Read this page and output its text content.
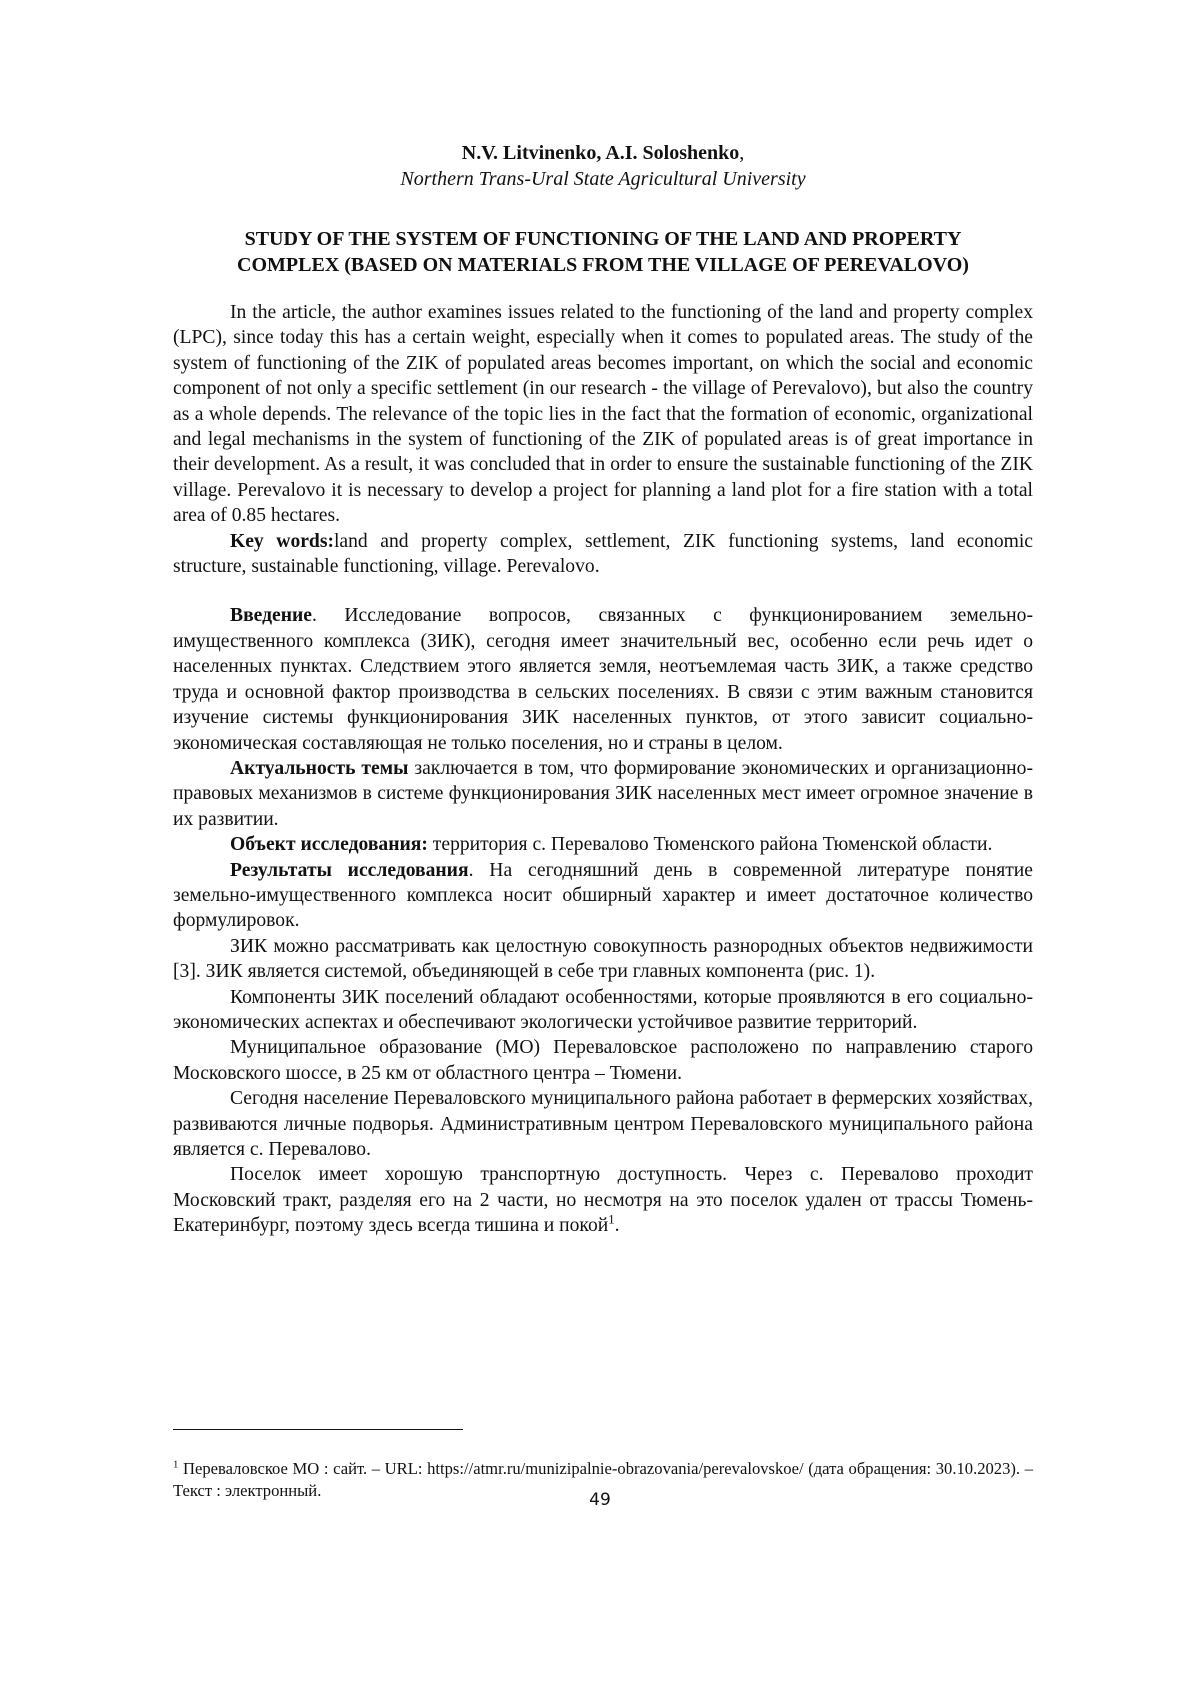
N.V. Litvinenko, A.I. Soloshenko,

Northern Trans-Ural State Agricultural University

STUDY OF THE SYSTEM OF FUNCTIONING OF THE LAND AND PROPERTY
COMPLEX (BASED ON MATERIALS FROM THE VILLAGE OF PEREVALOVO)

In the article, the author examines issues related to the functioning of the land and property complex (LPC), since today this has a certain weight, especially when it comes to populated areas. The study of the system of functioning of the ZIK of populated areas becomes important, on which the social and economic component of not only a specific settlement (in our research - the village of Perevalovo), but also the country as a whole depends. The relevance of the topic lies in the fact that the formation of economic, organizational and legal mechanisms in the system of functioning of the ZIK of populated areas is of great importance in their development. As a result, it was concluded that in order to ensure the sustainable functioning of the ZIK village. Perevalovo it is necessary to develop a project for planning a land plot for a fire station with a total area of 0.85 hectares.

Key words:land and property complex, settlement, ZIK functioning systems, land economic structure, sustainable functioning, village. Perevalovo.

Введение. Исследование вопросов, связанных с функционированием земельно-имущественного комплекса (ЗИК), сегодня имеет значительный вес, особенно если речь идет о населенных пунктах. Следствием этого является земля, неотъемлемая часть ЗИК, а также средство труда и основной фактор производства в сельских поселениях. В связи с этим важным становится изучение системы функционирования ЗИК населенных пунктов, от этого зависит социально-экономическая составляющая не только поселения, но и страны в целом.

Актуальность темы заключается в том, что формирование экономических и организационно-правовых механизмов в системе функционирования ЗИК населенных мест имеет огромное значение в их развитии.

Объект исследования: территория с. Перевалово Тюменского района Тюменской области.

Результаты исследования. На сегодняшний день в современной литературе понятие земельно-имущественного комплекса носит обширный характер и имеет достаточное количество формулировок.

ЗИК можно рассматривать как целостную совокупность разнородных объектов недвижимости [3]. ЗИК является системой, объединяющей в себе три главных компонента (рис. 1).

Компоненты ЗИК поселений обладают особенностями, которые проявляются в его социально-экономических аспектах и обеспечивают экологически устойчивое развитие территорий.

Муниципальное образование (МО) Переваловское расположено по направлению старого Московского шоссе, в 25 км от областного центра – Тюмени.

Сегодня население Переваловского муниципального района работает в фермерских хозяйствах, развиваются личные подворья. Административным центром Переваловского муниципального района является с. Перевалово.

Поселок имеет хорошую транспортную доступность. Через с. Перевалово проходит Московский тракт, разделяя его на 2 части, но несмотря на это поселок удален от трассы Тюмень-Екатеринбург, поэтому здесь всегда тишина и покой$^1$.

$^1$ Переваловское МО : сайт. – URL: https://atmr.ru/munizipalnie-obrazovania/perevalovskoe/ (дата обращения: 30.10.2023). – Текст : электронный.	49
